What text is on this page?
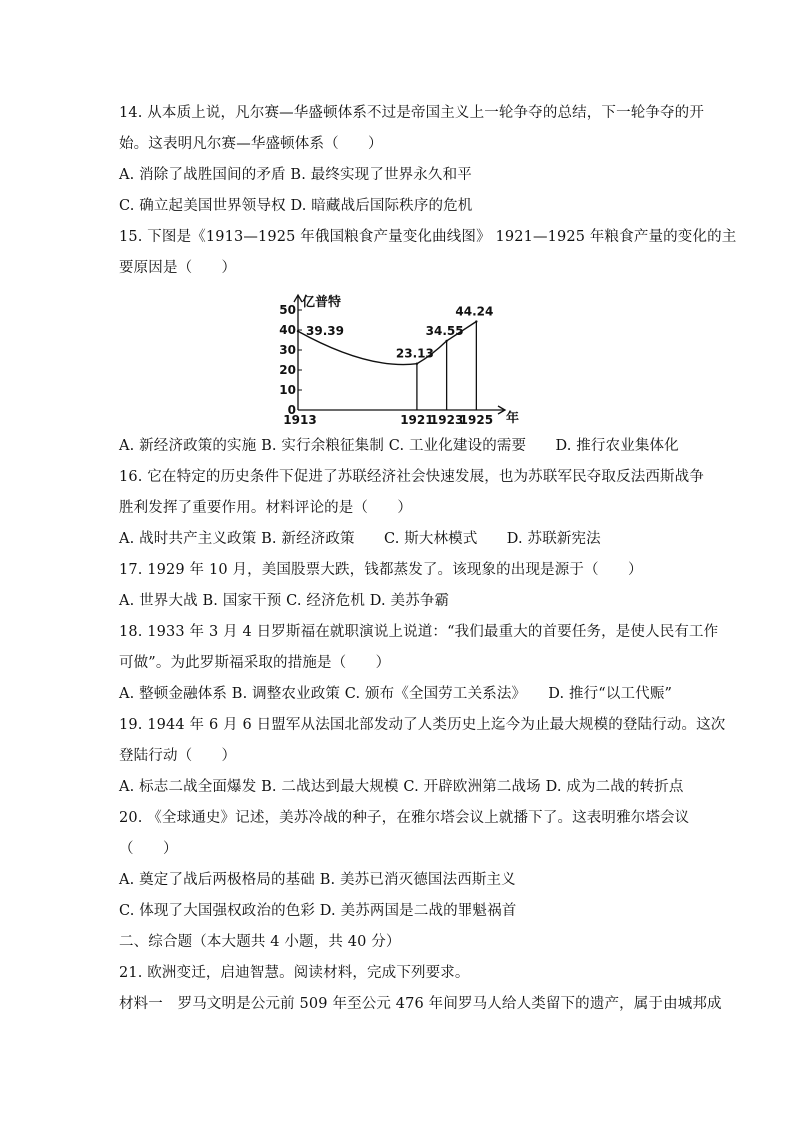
14. 从本质上说，凡尔赛—华盛顿体系不过是帝国主义上一轮争夺的总结，下一轮争夺的开
始。这表明凡尔赛—华盛顿体系（　　）
A. 消除了战胜国间的矛盾 B. 最终实现了世界永久和平
C. 确立起美国世界领导权 D. 暗藏战后国际秩序的危机
15. 下图是《1913—1925 年俄国粮食产量变化曲线图》 1921—1925 年粮食产量的变化的主
要原因是（　　）
0
10
20
30
40
50 亿普特
年
39.39
1913
23.13
1921
34.55
1923
44.24
1925
A. 新经济政策的实施 B. 实行余粮征集制 C. 工业化建设的需要　　D. 推行农业集体化
16. 它在特定的历史条件下促进了苏联经济社会快速发展，也为苏联军民夺取反法西斯战争
胜利发挥了重要作用。材料评论的是（　　）
A. 战时共产主义政策 B. 新经济政策　　C. 斯大林模式　　D. 苏联新宪法
17. 1929 年 10 月，美国股票大跌，钱都蒸发了。该现象的出现是源于（　　）
A. 世界大战 B. 国家干预 C. 经济危机 D. 美苏争霸
18. 1933 年 3 月 4 日罗斯福在就职演说上说道：“我们最重大的首要任务，是使人民有工作
可做”。为此罗斯福采取的措施是（　　）
A. 整顿金融体系 B. 调整农业政策 C. 颁布《全国劳工关系法》　　D. 推行“以工代赈”
19. 1944 年 6 月 6 日盟军从法国北部发动了人类历史上迄今为止最大规模的登陆行动。这次
登陆行动（　　）
A. 标志二战全面爆发 B. 二战达到最大规模 C. 开辟欧洲第二战场 D. 成为二战的转折点
20. 《全球通史》记述，美苏冷战的种子，在雅尔塔会议上就播下了。这表明雅尔塔会议
（　　）
A. 奠定了战后两极格局的基础 B. 美苏已消灭德国法西斯主义
C. 体现了大国强权政治的色彩 D. 美苏两国是二战的罪魁祸首
二、综合题（本大题共 4 小题，共 40 分）
21. 欧洲变迁，启迪智慧。阅读材料，完成下列要求。
材料一　罗马文明是公元前 509 年至公元 476 年间罗马人给人类留下的遗产，属于由城邦成
